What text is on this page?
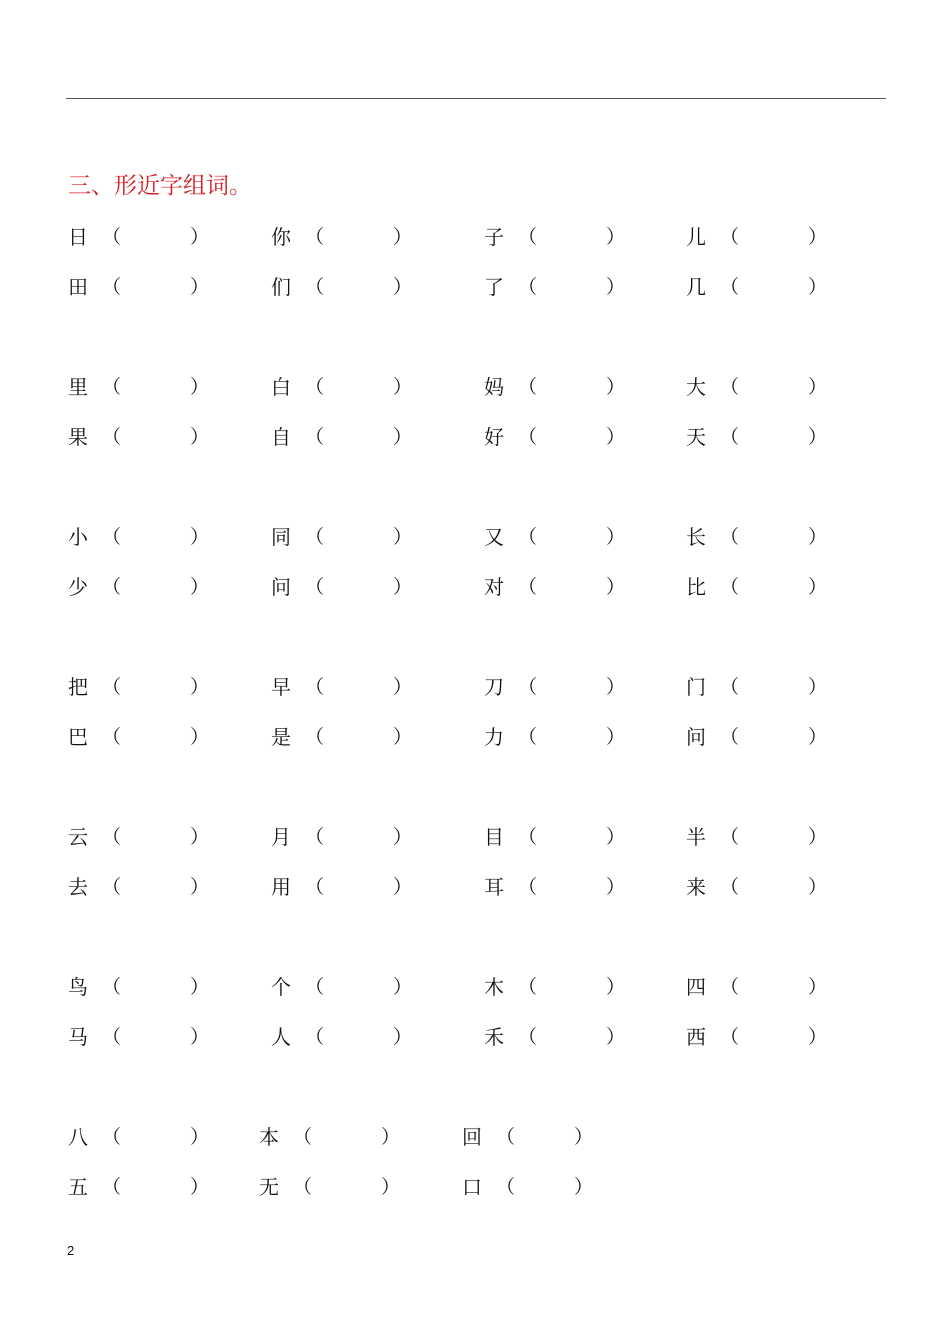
三、形近字组词。
日 （	）	你 （	）	子 （	）	儿 （	）
田 （	）	们 （	）	了 （	）	几 （	）
里 （	）	白 （	）	妈 （	）	大 （	）
果 （	）	自 （	）	好 （	）	天 （	）
小 （	）	同 （	）	又 （	）	长 （	）
少 （	）	问 （	）	对 （	）	比 （	）
把 （	）	早 （	）	刀 （	）	门 （	）
巴 （	）	是 （	）	力 （	）	问 （	）
云 （	）	月 （	）	目 （	）	半 （	）
去 （	）	用 （	）	耳 （	）	来 （	）
鸟 （	）	个 （	）	木 （	）	四 （	）
马 （	）	人 （	）	禾 （	）	西 （	）
八 （	） 本 （	）	回 （	）
五 （	） 无 （	）	口 （	）
2
